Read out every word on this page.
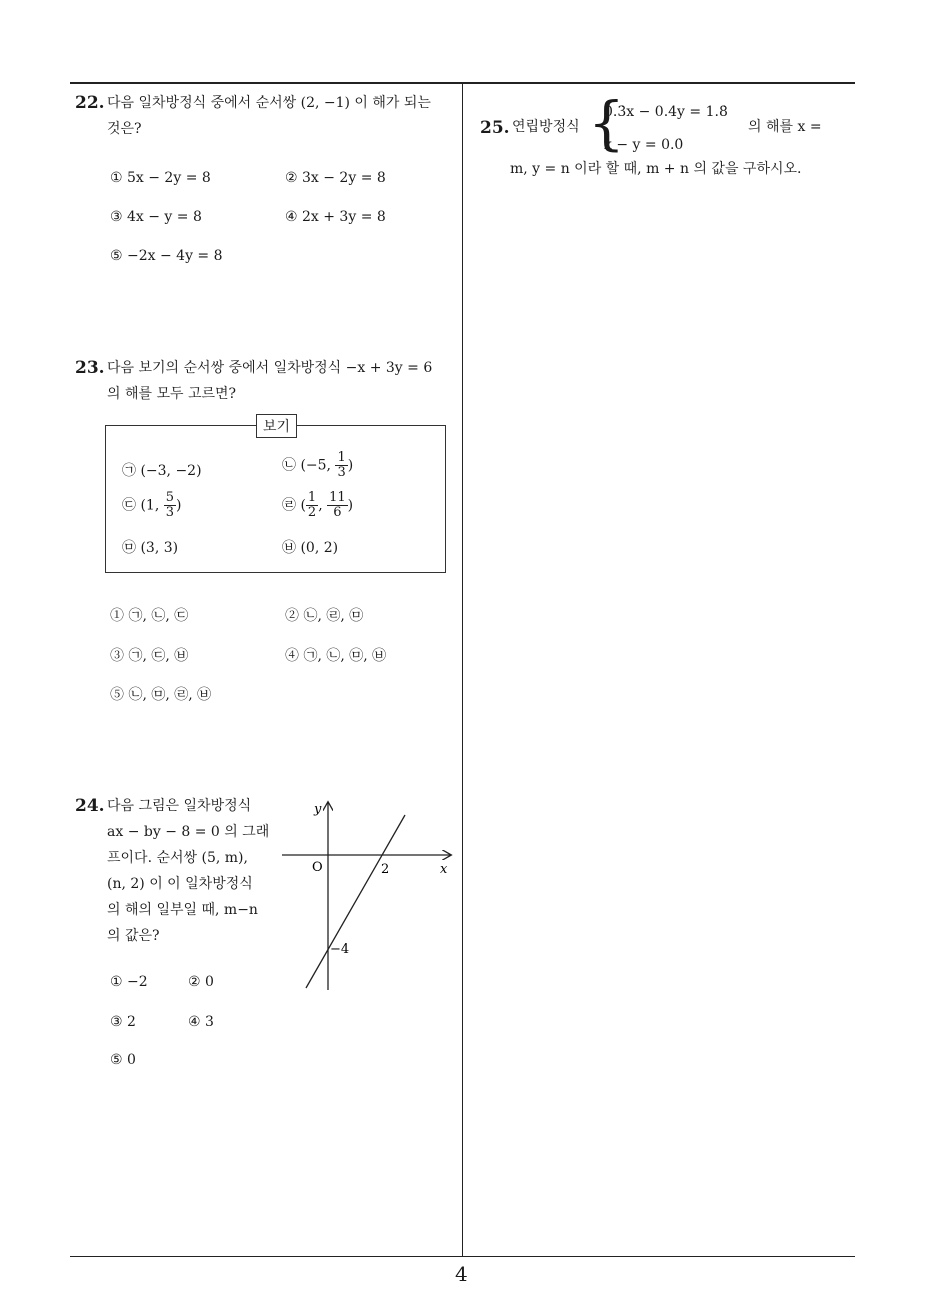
4
22. 다음 일차방정식 중에서 순서쌍 (2, −1) 이 해가 되는
것은?
① 5x − 2y = 8	② 3x − 2y = 8
③ 4x − y = 8	④ 2x + 3y = 8
⑤ −2x − 4y = 8
23. 다음 보기의 순서쌍 중에서 일차방정식 −x + 3y = 6
의 해를 모두 고르면?
보기
㉠ (−3, −2)	㉡ (−5, $\frac{1}{3}$ )
㉢ (1, $\frac{5}{3}$ )	㉣ ( $\frac{1}{2}$ , $\frac{11}{6}$ )
㉤ (3, 3)	㉥ (0, 2)
① ㉠, ㉡, ㉢	② ㉡, ㉣, ㉤
③ ㉠, ㉢, ㉥	④ ㉠, ㉡, ㉤, ㉥
⑤ ㉡, ㉤, ㉣, ㉥
24. 다음 그림은 일차방정식
ax − by − 8 = 0 의 그래
프이다. 순서쌍 (5, m),
(n, 2) 이 이 일차방정식
의 해의 일부일 때, m−n
의 값은?
x
y
O	2
−4
① −2	② 0
③ 2	④ 3
⑤ 0
25. 연립방정식 {
0.3̇x − 0.4y = 1.8̇
x − y = 0.0̇
의 해를 x =
m, y = n 이라 할 때, m + n 의 값을 구하시오.
